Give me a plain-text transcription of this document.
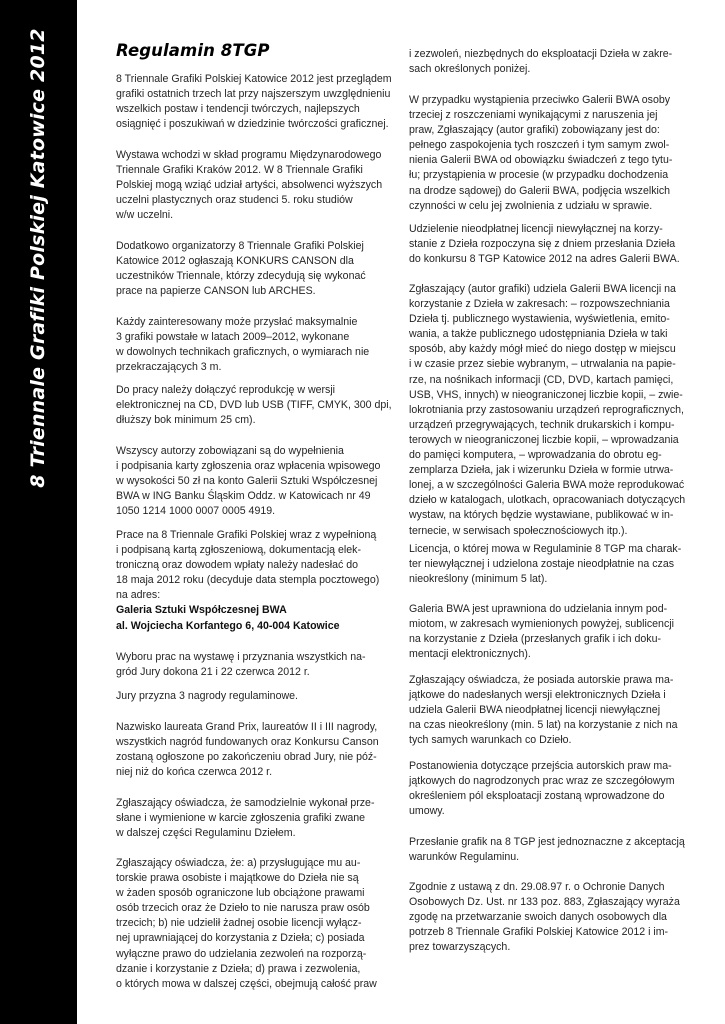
8 Triennale Grafiki Polskiej Katowice 2012	Regulamin 8TGP

8 Triennale Grafiki Polskiej Katowice 2012 jest przeglądem
grafiki ostatnich trzech lat przy najszerszym uwzględnieniu
wszelkich postaw i tendencji twórczych, najlepszych
osiągnięć i poszukiwań w dziedzinie twórczości graficznej.

Wystawa wchodzi w skład programu Międzynarodowego
Triennale Grafiki Kraków 2012. W 8 Triennale Grafiki
Polskiej mogą wziąć udział artyści, absolwenci wyższych
uczelni plastycznych oraz studenci 5. roku studiów
w/w uczelni.

Dodatkowo organizatorzy 8 Triennale Grafiki Polskiej
Katowice 2012 ogłaszają KONKURS CANSON dla
uczestników Triennale, którzy zdecydują się wykonać
prace na papierze CANSON lub ARCHES.

Każdy zainteresowany może przysłać maksymalnie
3 grafiki powstałe w latach 2009–2012, wykonane
w dowolnych technikach graficznych, o wymiarach nie
przekraczających 3 m.

Do pracy należy dołączyć reprodukcję w wersji
elektronicznej na CD, DVD lub USB (TIFF, CMYK, 300 dpi,
dłuższy bok minimum 25 cm).

Wszyscy autorzy zobowiązani są do wypełnienia
i podpisania karty zgłoszenia oraz wpłacenia wpisowego
w wysokości 50 zł na konto Galerii Sztuki Współczesnej
BWA w ING Banku Śląskim Oddz. w Katowicach nr 49
1050 1214 1000 0007 0005 4919.

Prace na 8 Triennale Grafiki Polskiej wraz z wypełnioną
i podpisaną kartą zgłoszeniową, dokumentacją elek-
troniczną oraz dowodem wpłaty należy nadesłać do
18 maja 2012 roku (decyduje data stempla pocztowego)
na adres:
Galeria Sztuki Współczesnej BWA
al. Wojciecha Korfantego 6, 40-004 Katowice

Wyboru prac na wystawę i przyznania wszystkich na-
gród Jury dokona 21 i 22 czerwca 2012 r.

Jury przyzna 3 nagrody regulaminowe.

Nazwisko laureata Grand Prix, laureatów II i III nagrody,
wszystkich nagród fundowanych oraz Konkursu Canson
zostaną ogłoszone po zakończeniu obrad Jury, nie póź-
niej niż do końca czerwca 2012 r.

Zgłaszający oświadcza, że samodzielnie wykonał prze-
słane i wymienione w karcie zgłoszenia grafiki zwane
w dalszej części Regulaminu Dziełem.

Zgłaszający oświadcza, że: a) przysługujące mu au-
torskie prawa osobiste i majątkowe do Dzieła nie są
w żaden sposób ograniczone lub obciążone prawami
osób trzecich oraz że Dzieło to nie narusza praw osób
trzecich; b) nie udzielił żadnej osobie licencji wyłącz-
nej uprawniającej do korzystania z Dzieła; c) posiada
wyłączne prawo do udzielania zezwoleń na rozporzą-
dzanie i korzystanie z Dzieła; d) prawa i zezwolenia,
o których mowa w dalszej części, obejmują całość praw

i zezwoleń, niezbędnych do eksploatacji Dzieła w zakre-
sach określonych poniżej.

W przypadku wystąpienia przeciwko Galerii BWA osoby
trzeciej z roszczeniami wynikającymi z naruszenia jej
praw, Zgłaszający (autor grafiki) zobowiązany jest do:
pełnego zaspokojenia tych roszczeń i tym samym zwol-
nienia Galerii BWA od obowiązku świadczeń z tego tytu-
łu; przystąpienia w procesie (w przypadku dochodzenia
na drodze sądowej) do Galerii BWA, podjęcia wszelkich
czynności w celu jej zwolnienia z udziału w sprawie.

Udzielenie nieodpłatnej licencji niewyłącznej na korzy-
stanie z Dzieła rozpoczyna się z dniem przesłania Dzieła
do konkursu 8 TGP Katowice 2012 na adres Galerii BWA.

Zgłaszający (autor grafiki) udziela Galerii BWA licencji na
korzystanie z Dzieła w zakresach: – rozpowszechniania
Dzieła tj. publicznego wystawienia, wyświetlenia, emito-
wania, a także publicznego udostępniania Dzieła w taki
sposób, aby każdy mógł mieć do niego dostęp w miejscu
i w czasie przez siebie wybranym, – utrwalania na papie-
rze, na nośnikach informacji (CD, DVD, kartach pamięci,
USB, VHS, innych) w nieograniczonej liczbie kopii, – zwie-
lokrotniania przy zastosowaniu urządzeń reprograficznych,
urządzeń przegrywających, technik drukarskich i kompu-
terowych w nieograniczonej liczbie kopii, – wprowadzania
do pamięci komputera, – wprowadzania do obrotu eg-
zemplarza Dzieła, jak i wizerunku Dzieła w formie utrwa-
lonej, a w szczególności Galeria BWA może reprodukować
dzieło w katalogach, ulotkach, opracowaniach dotyczących
wystaw, na których będzie wystawiane, publikować w in-
ternecie, w serwisach społecznościowych itp.).

Licencja, o której mowa w Regulaminie 8 TGP ma charak-
ter niewyłącznej i udzielona zostaje nieodpłatnie na czas
nieokreślony (minimum 5 lat).

Galeria BWA jest uprawniona do udzielania innym pod-
miotom, w zakresach wymienionych powyżej, sublicencji
na korzystanie z Dzieła (przesłanych grafik i ich doku-
mentacji elektronicznych).

Zgłaszający oświadcza, że posiada autorskie prawa ma-
jątkowe do nadesłanych wersji elektronicznych Dzieła i
udziela Galerii BWA nieodpłatnej licencji niewyłącznej
na czas nieokreślony (min. 5 lat) na korzystanie z nich na
tych samych warunkach co Dzieło.

Postanowienia dotyczące przejścia autorskich praw ma-
jątkowych do nagrodzonych prac wraz ze szczegółowym
określeniem pól eksploatacji zostaną wprowadzone do
umowy.

Przesłanie grafik na 8 TGP jest jednoznaczne z akceptacją
warunków Regulaminu.

Zgodnie z ustawą z dn. 29.08.97 r. o Ochronie Danych
Osobowych Dz. Ust. nr 133 poz. 883, Zgłaszający wyraża
zgodę na przetwarzanie swoich danych osobowych dla
potrzeb 8 Triennale Grafiki Polskiej Katowice 2012 i im-
prez towarzyszących.
